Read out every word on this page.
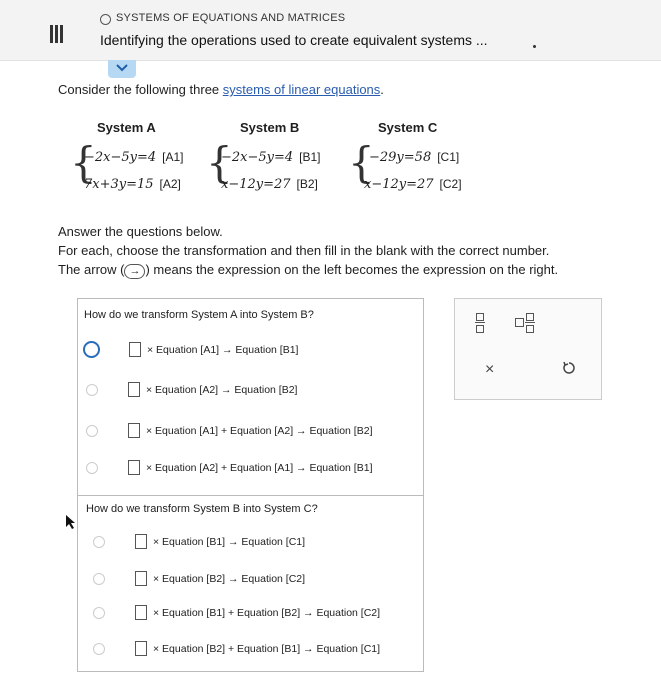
SYSTEMS OF EQUATIONS AND MATRICES
Identifying the operations used to create equivalent systems ...
Consider the following three systems of linear equations.
System A
{
−2x−5y=4 [A1]
7x+3y=15 [A2]
System B
{
−2x−5y=4 [B1]
x−12y=27 [B2]
System C
{
−29y=58 [C1]
x−12y=27 [C2]
Answer the questions below.
For each, choose the transformation and then fill in the blank with the correct number.
The arrow ( → ) means the expression on the left becomes the expression on the right.
How do we transform System A into System B?
× Equation [A1] → Equation [B1]
× Equation [A2] → Equation [B2]
× Equation [A1] + Equation [A2] → Equation [B2]
× Equation [A2] + Equation [A1] → Equation [B1]
How do we transform System B into System C?
× Equation [B1] → Equation [C1]
× Equation [B2] → Equation [C2]
× Equation [B1] + Equation [B2] → Equation [C2]
× Equation [B2] + Equation [B1] → Equation [C1]
×
